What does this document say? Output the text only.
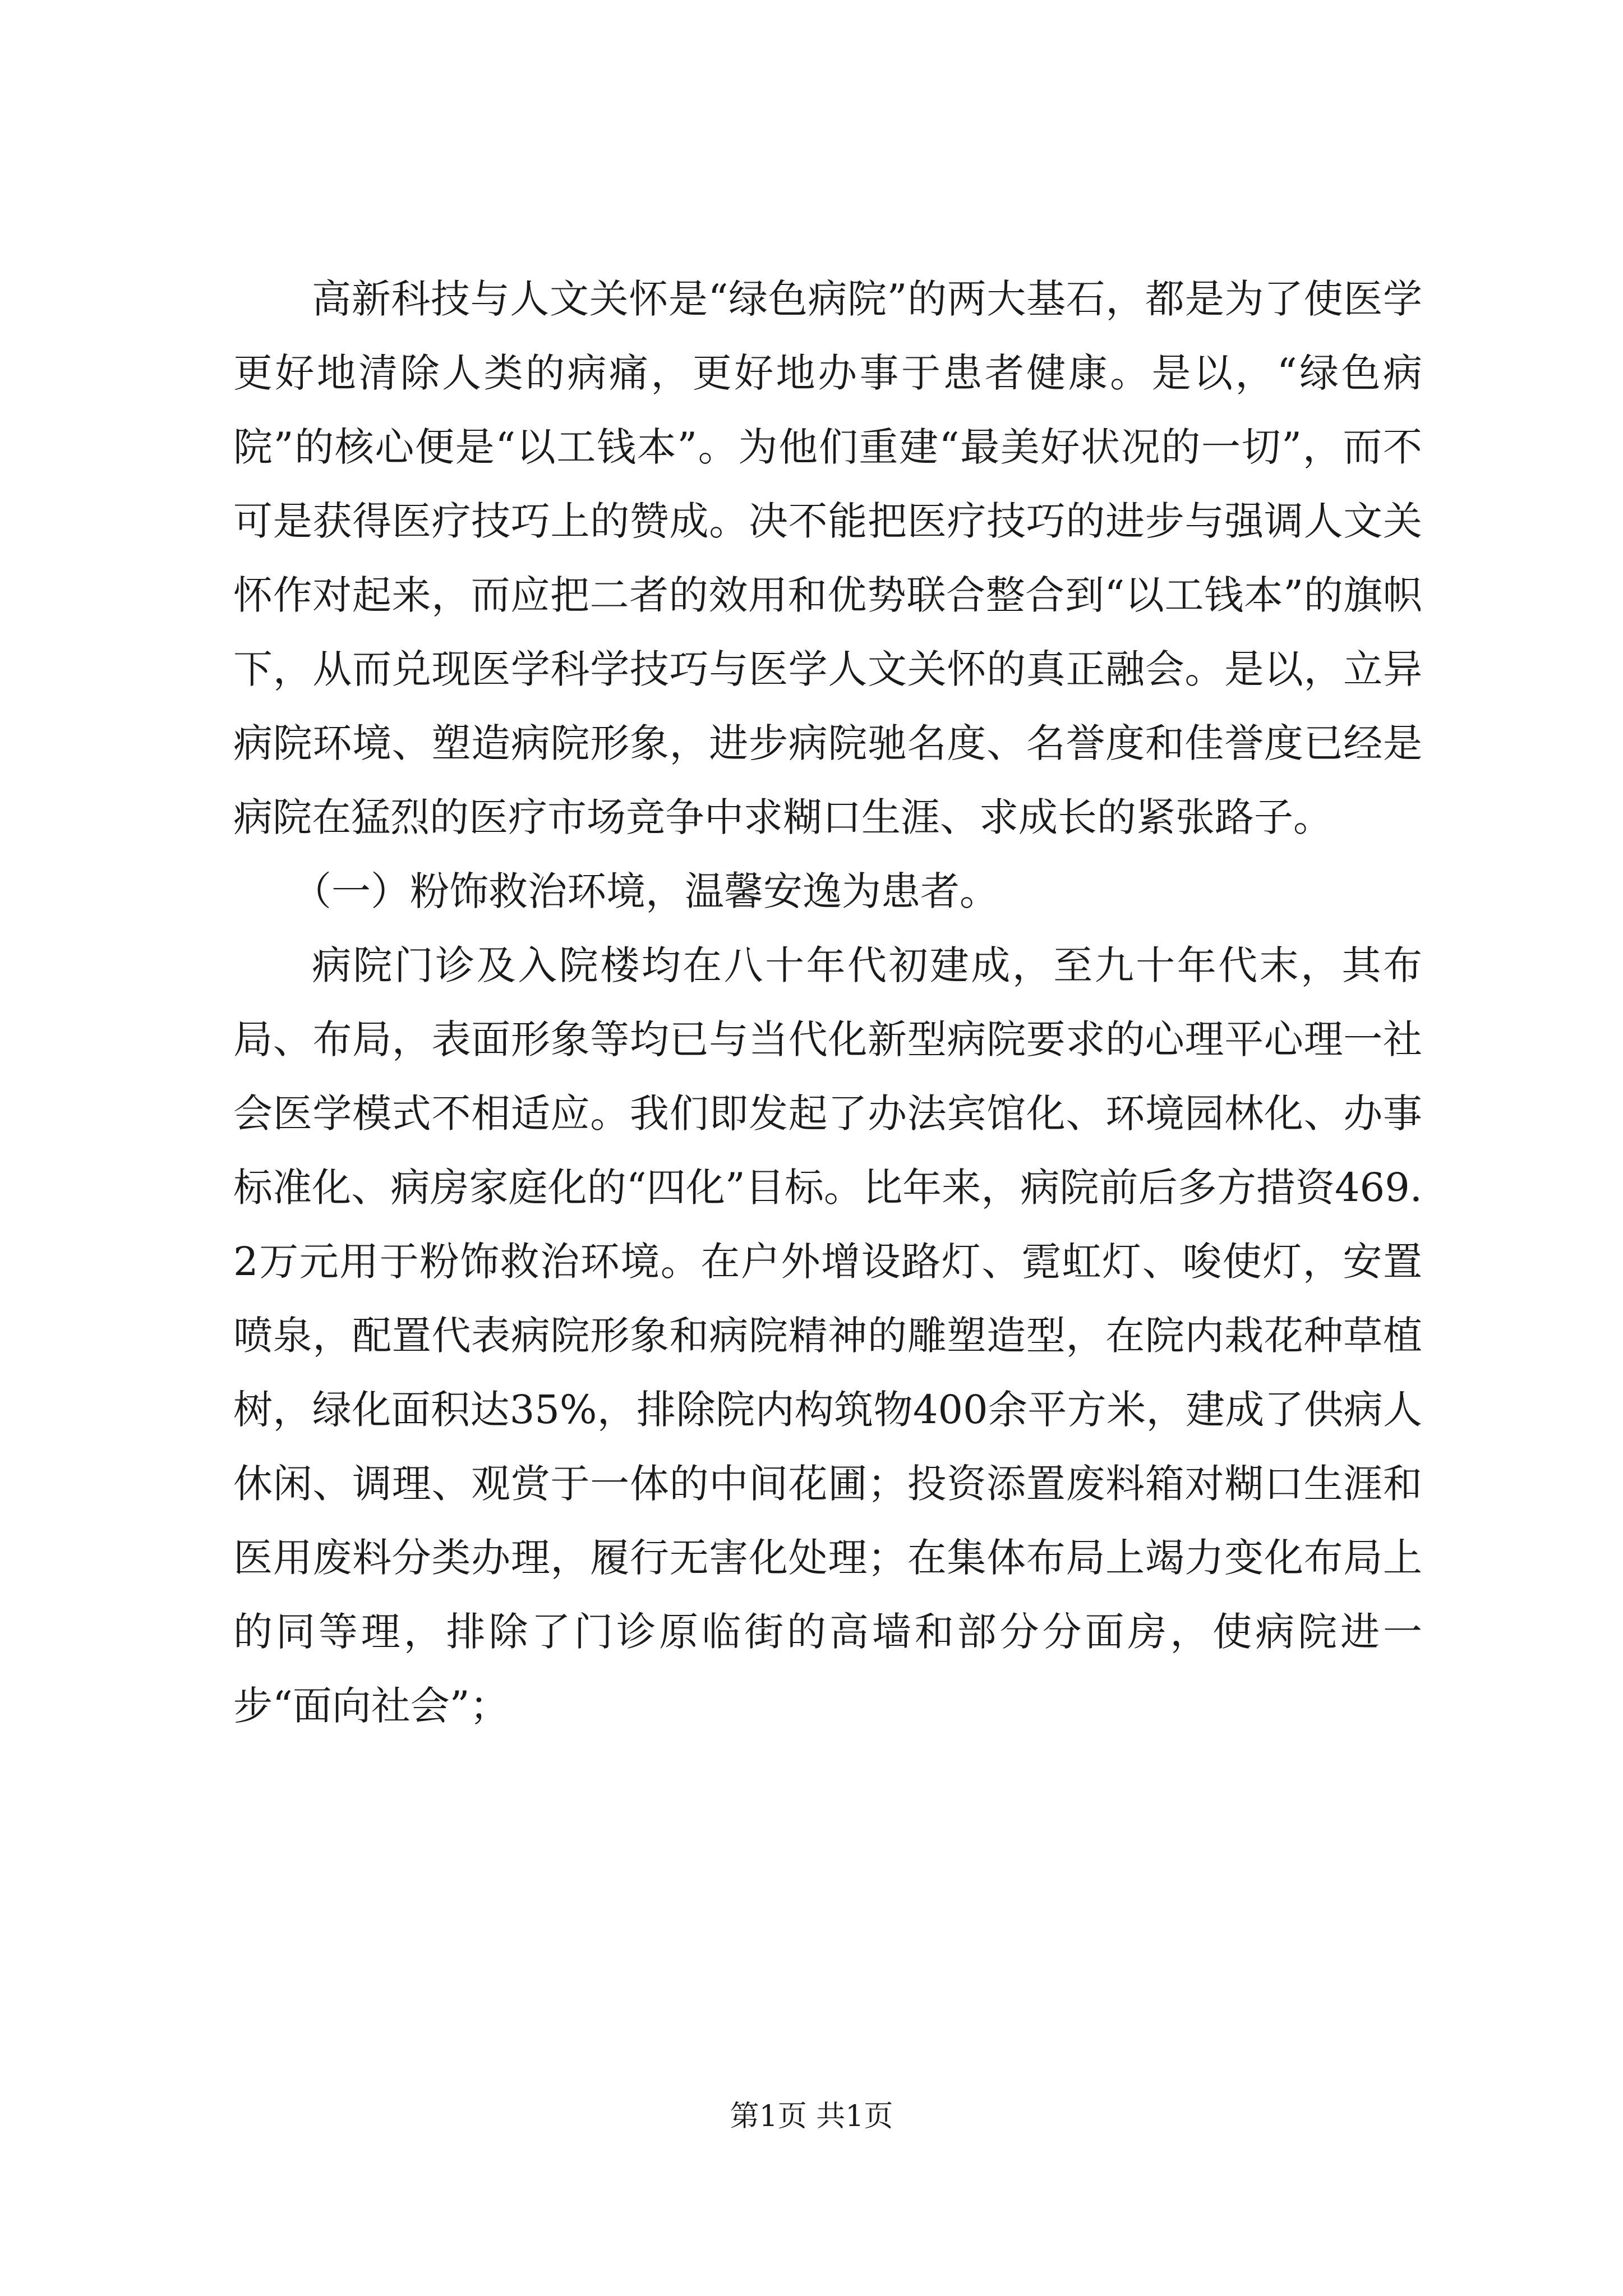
高新科技与人文关怀是“绿色病院”的两大基石，都是为了使医学更好地清除人类的病痛，更好地办事于患者健康。是以，“绿色病院”的核心便是“以工钱本”。为他们重建“最美好状况的一切”，而不可是获得医疗技巧上的赞成。决不能把医疗技巧的进步与强调人文关怀作对起来，而应把二者的效用和优势联合整合到“以工钱本”的旗帜下，从而兑现医学科学技巧与医学人文关怀的真正融会。是以，立异病院环境、塑造病院形象，进步病院驰名度、名誉度和佳誉度已经是病院在猛烈的医疗市场竞争中求糊口生涯、求成长的紧张路子。

（一）粉饰救治环境，温馨安逸为患者。

病院门诊及入院楼均在八十年代初建成，至九十年代末，其布局、布局，表面形象等均已与当代化新型病院要求的心理平心理一社会医学模式不相适应。我们即发起了办法宾馆化、环境园林化、办事标准化、病房家庭化的“四化”目标。比年来，病院前后多方措资469.2万元用于粉饰救治环境。在户外增设路灯、霓虹灯、唆使灯，安置喷泉，配置代表病院形象和病院精神的雕塑造型，在院内栽花种草植树，绿化面积达35%，排除院内构筑物400余平方米，建成了供病人休闲、调理、观赏于一体的中间花圃；投资添置废料箱对糊口生涯和医用废料分类办理，履行无害化处理；在集体布局上竭力变化布局上的同等理，排除了门诊原临街的高墙和部分分面房，使病院进一步“面向社会”；

第1页 共1页
